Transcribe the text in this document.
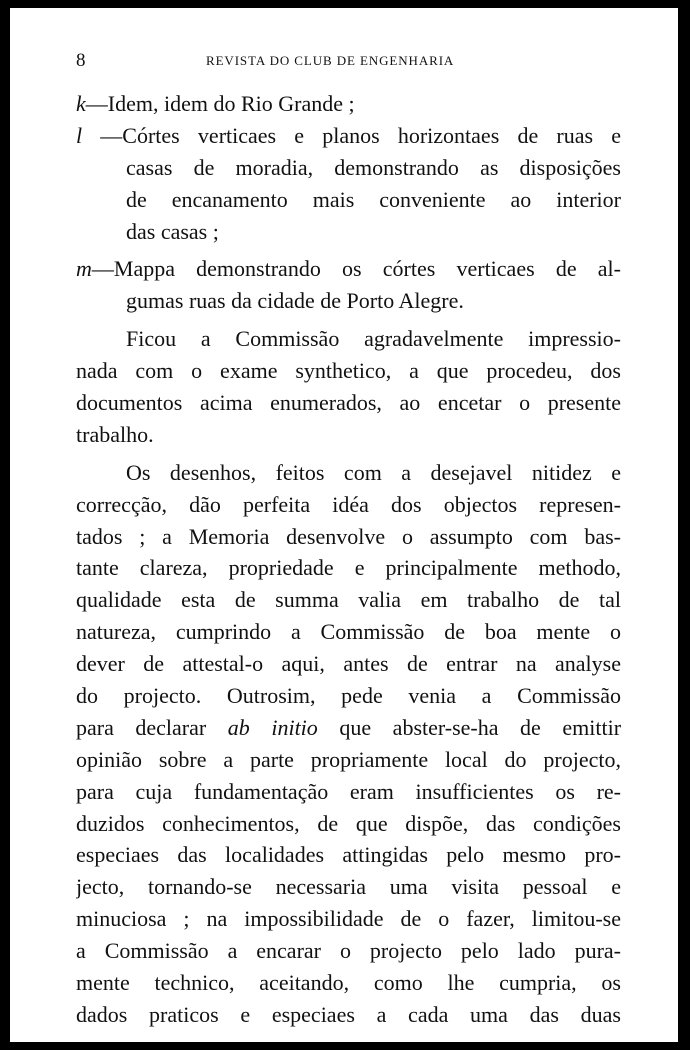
8	REVISTA DO CLUB DE ENGENHARIA
k—Idem, idem do Rio Grande ;
l —Córtes verticaes e planos horizontaes de ruas e
casas de moradia, demonstrando as disposições
de encanamento mais conveniente ao interior
das casas ;
m—Mappa demonstrando os córtes verticaes de al-
gumas ruas da cidade de Porto Alegre.
Ficou a Commissão agradavelmente impressio-
nada com o exame synthetico, a que procedeu, dos
documentos acima enumerados, ao encetar o presente
trabalho.
Os desenhos, feitos com a desejavel nitidez e
correcção, dão perfeita idéa dos objectos represen-
tados ; a Memoria desenvolve o assumpto com bas-
tante clareza, propriedade e principalmente methodo,
qualidade esta de summa valia em trabalho de tal
natureza, cumprindo a Commissão de boa mente o
dever de attestal-o aqui, antes de entrar na analyse
do projecto. Outrosim, pede venia a Commissão
para declarar ab initio que abster-se-ha de emittir
opinião sobre a parte propriamente local do projecto,
para cuja fundamentação eram insufficientes os re-
duzidos conhecimentos, de que dispõe, das condições
especiaes das localidades attingidas pelo mesmo pro-
jecto, tornando-se necessaria uma visita pessoal e
minuciosa ; na impossibilidade de o fazer, limitou-se
a Commissão a encarar o projecto pelo lado pura-
mente technico, aceitando, como lhe cumpria, os
dados praticos e especiaes a cada uma das duas
